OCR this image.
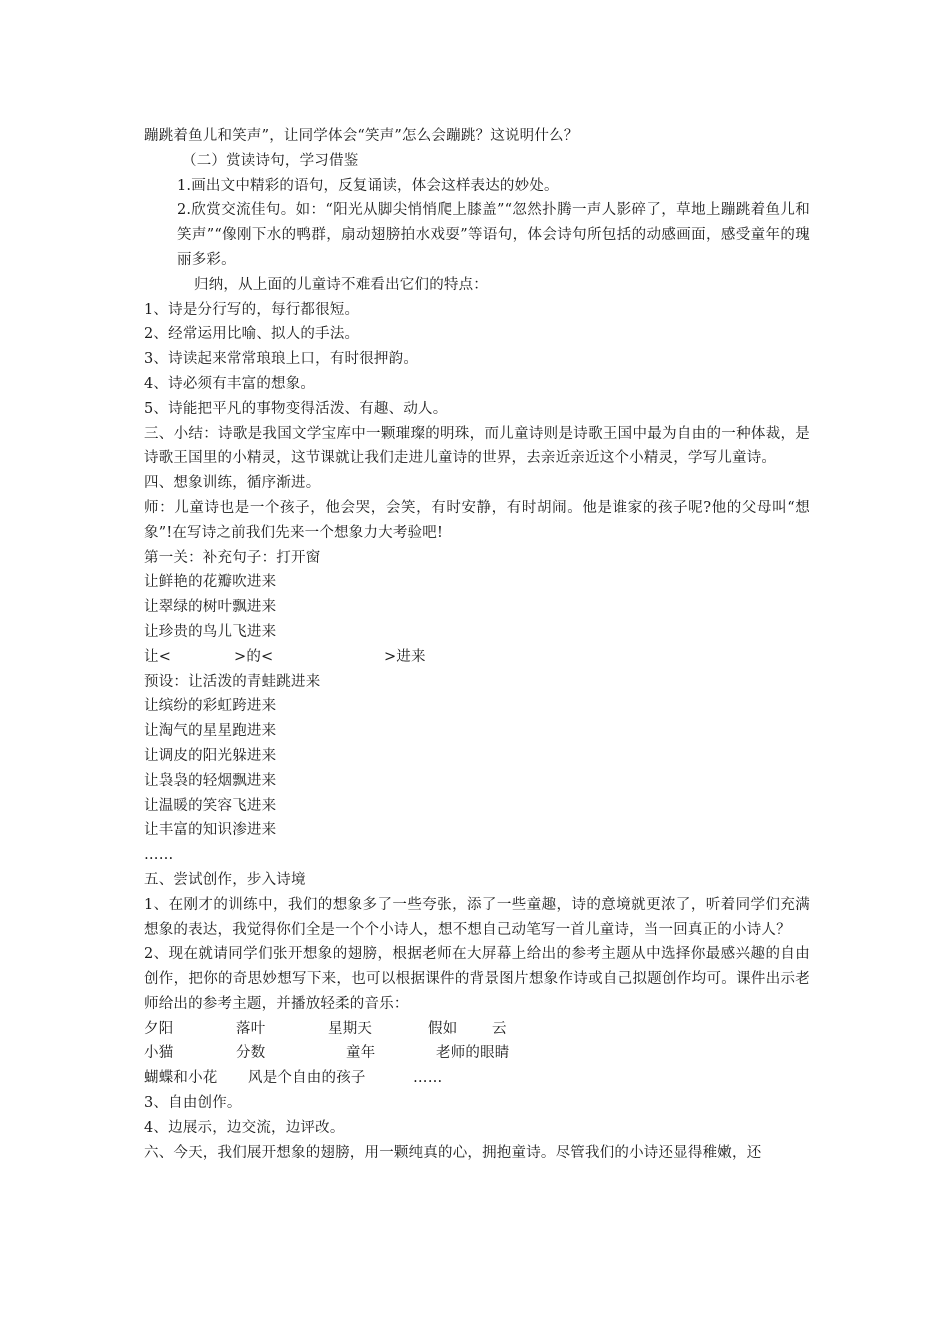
蹦跳着鱼儿和笑声”，让同学体会“笑声”怎么会蹦跳？这说明什么？
（二）赏读诗句，学习借鉴
1.画出文中精彩的语句，反复诵读，体会这样表达的妙处。
2.欣赏交流佳句。如：“阳光从脚尖悄悄爬上膝盖”“忽然扑腾一声人影碎了，草地上蹦跳着鱼儿和笑声”“像刚下水的鸭群，扇动翅膀拍水戏耍”等语句，体会诗句所包括的动感画面，感受童年的瑰丽多彩。
归纳，从上面的儿童诗不难看出它们的特点：
1、诗是分行写的，每行都很短。
2、经常运用比喻、拟人的手法。
3、诗读起来常常琅琅上口，有时很押韵。
4、诗必须有丰富的想象。
5、诗能把平凡的事物变得活泼、有趣、动人。
三、小结：诗歌是我国文学宝库中一颗璀璨的明珠，而儿童诗则是诗歌王国中最为自由的一种体裁，是诗歌王国里的小精灵，这节课就让我们走进儿童诗的世界，去亲近亲近这个小精灵，学写儿童诗。
四、想象训练，循序渐进。
师：儿童诗也是一个孩子，他会哭，会笑，有时安静，有时胡闹。他是谁家的孩子呢?他的父母叫“想象”!在写诗之前我们先来一个想象力大考验吧!
第一关：补充句子：打开窗
让鲜艳的花瓣吹进来
让翠绿的树叶飘进来
让珍贵的鸟儿飞进来
让<	>的<	>进来
预设：让活泼的青蛙跳进来
让缤纷的彩虹跨进来
让淘气的星星跑进来
让调皮的阳光躲进来
让袅袅的轻烟飘进来
让温暖的笑容飞进来
让丰富的知识渗进来
……
五、尝试创作，步入诗境
1、在刚才的训练中，我们的想象多了一些夸张，添了一些童趣，诗的意境就更浓了，听着同学们充满想象的表达，我觉得你们全是一个个小诗人，想不想自己动笔写一首儿童诗，当一回真正的小诗人？
2、现在就请同学们张开想象的翅膀，根据老师在大屏幕上给出的参考主题从中选择你最感兴趣的自由创作，把你的奇思妙想写下来，也可以根据课件的背景图片想象作诗或自己拟题创作均可。课件出示老师给出的参考主题，并播放轻柔的音乐：
夕阳	落叶	星期天	假如 云
小猫	分数	童年	老师的眼睛
蝴蝶和小花 风是个自由的孩子	……
3、自由创作。
4、边展示，边交流，边评改。
六、今天，我们展开想象的翅膀，用一颗纯真的心，拥抱童诗。尽管我们的小诗还显得稚嫩，还
